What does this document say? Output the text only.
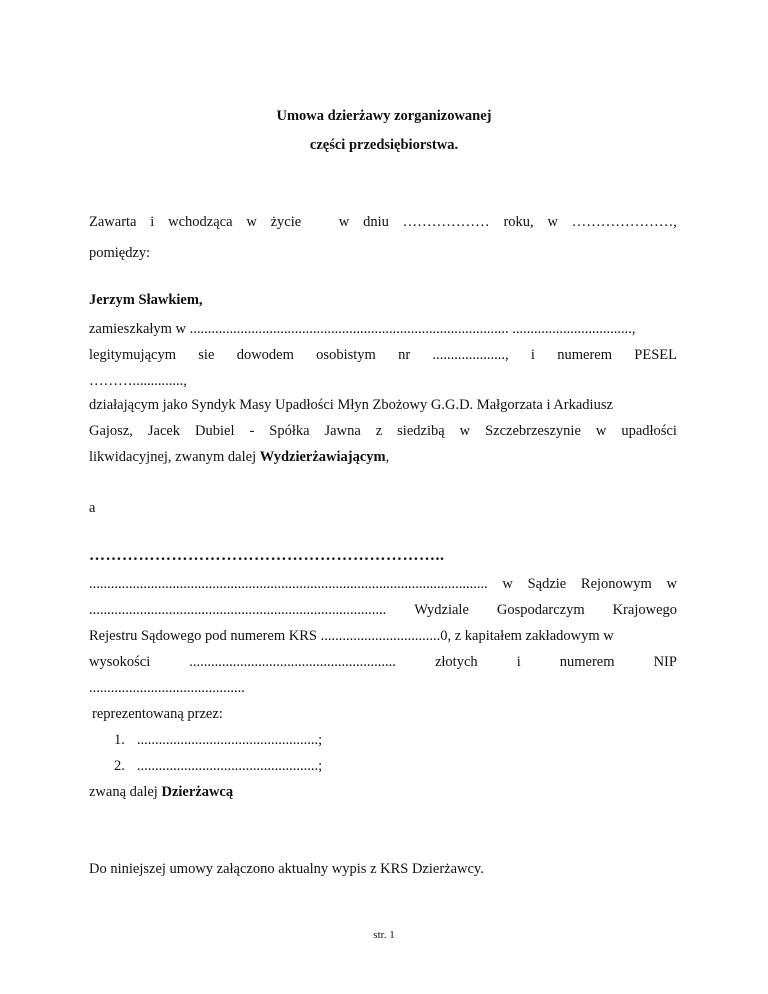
Umowa dzierżawy zorganizowanej
części przedsiębiorstwa.
Zawarta i wchodząca w życie	w dniu ……………… roku, w …………………,
pomiędzy:
Jerzym Sławkiem,
zamieszkałym w ........................................................................................ .................................,
legitymującym sie dowodem osobistym nr ...................., i numerem PESEL
………..............,
działającym jako Syndyk Masy Upadłości Młyn Zbożowy G.G.D. Małgorzata i Arkadiusz
Gajosz, Jacek Dubiel - Spółka Jawna z siedzibą w Szczebrzeszynie w upadłości
likwidacyjnej, zwanym dalej Wydzierżawiającym,
a
………………………………………………………..
.............................................................................................................. w Sądzie Rejonowym w
.................................................................................. Wydziale Gospodarczym Krajowego
Rejestru Sądowego pod numerem KRS .................................0, z kapitałem zakładowym w
wysokości	.........................................................	złotych	i	numerem	NIP
...........................................
reprezentowaną przez:
1. ..................................................;
2. ..................................................;
zwaną dalej Dzierżawcą
Do niniejszej umowy załączono aktualny wypis z KRS Dzierżawcy.
str. 1
